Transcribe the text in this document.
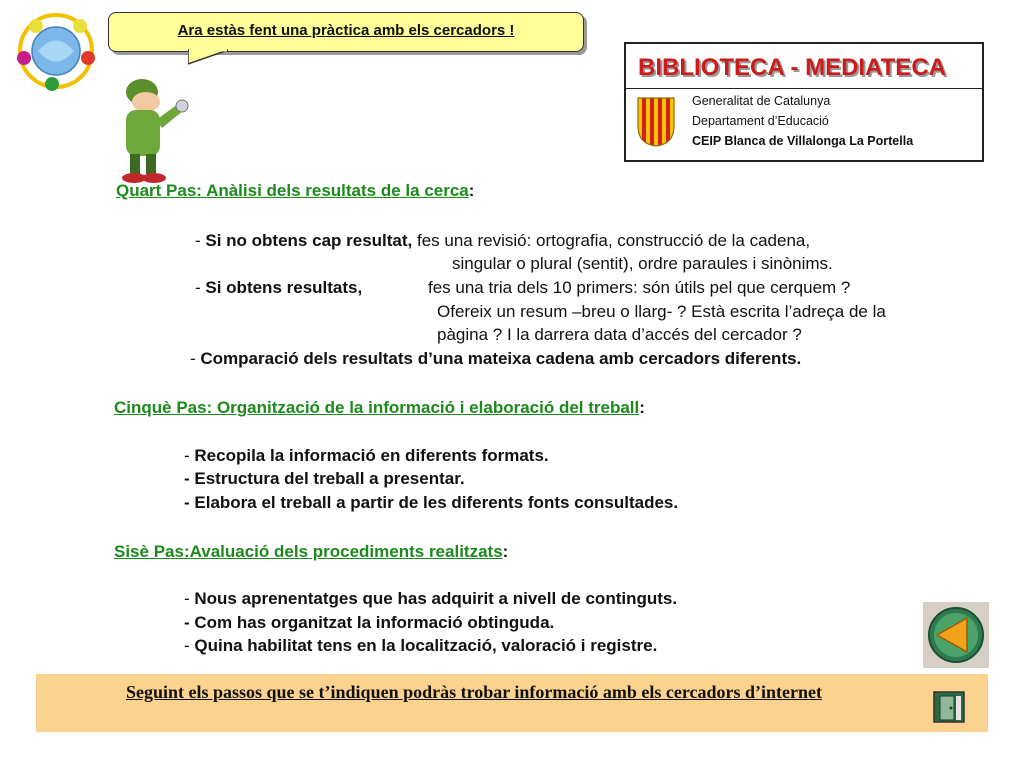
Ara estàs fent una pràctica amb els cercadors !
BIBLIOTECA - MEDIATECA
Generalitat de Catalunya
Departament d’Educació
CEIP Blanca de Villalonga La Portella
Quart Pas: Anàlisi dels resultats de la cerca:
- Si no obtens cap resultat, fes una revisió: ortografia, construcció de la cadena,
singular o plural (sentit), ordre paraules i sinònims.
- Si obtens resultats,	fes una tria dels 10 primers: són útils pel que cerquem ?
Ofereix un resum –breu o llarg- ? Està escrita l’adreça de la
pàgina ? I la darrera data d’accés del cercador ?
- Comparació dels resultats d’una mateixa cadena amb cercadors diferents.
Cinquè Pas: Organització de la informació i elaboració del treball:
- Recopila la informació en diferents formats.
- Estructura del treball a presentar.
- Elabora el treball a partir de les diferents fonts consultades.
Sisè Pas:Avaluació dels procediments realitzats:
- Nous aprenentatges que has adquirit a nivell de continguts.
- Com has organitzat la informació obtinguda.
- Quina habilitat tens en la localització, valoració i registre.
Seguint els passos que se t’indiquen podràs trobar informació amb els cercadors d’internet
